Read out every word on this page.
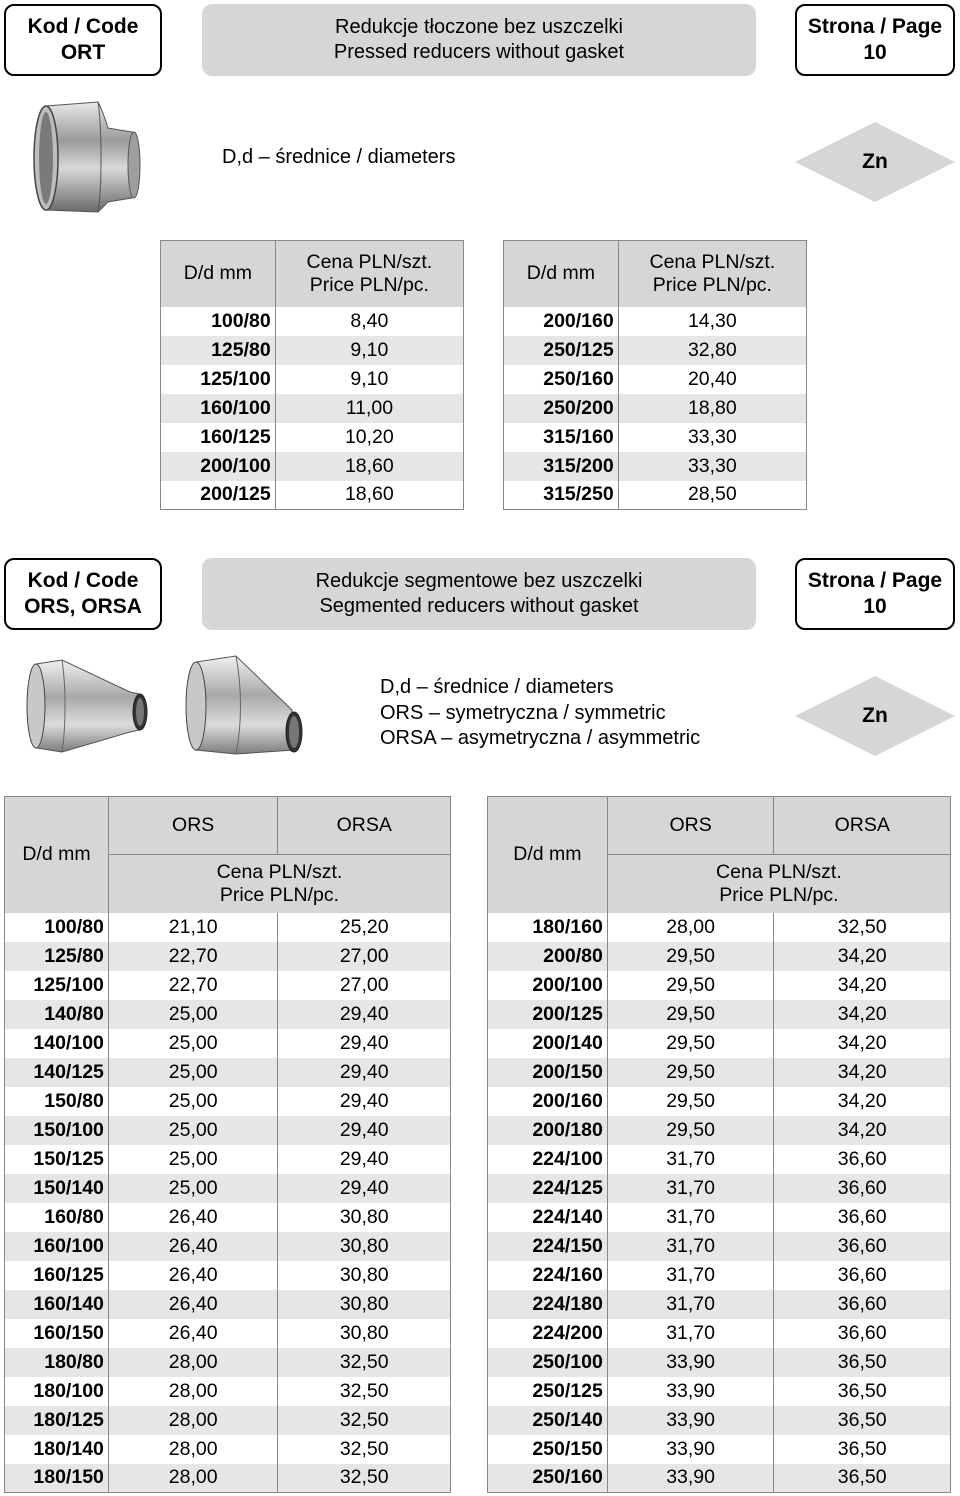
Kod / Code
ORT
Redukcje tłoczone bez uszczelki
Pressed reducers without gasket
Strona / Page
10
D,d – średnice / diameters	Zn
D/d mm	Cena PLN/szt.
	Price PLN/pc.
100/80	8,40
125/80	9,10
125/100	9,10
160/100	11,00
160/125	10,20
200/100	18,60
200/125	18,60
D/d mm	Cena PLN/szt.
	Price PLN/pc.
200/160	14,30
250/125	32,80
250/160	20,40
250/200	18,80
315/160	33,30
315/200	33,30
315/250	28,50
Kod / Code
ORS, ORSA
Redukcje segmentowe bez uszczelki
Segmented reducers without gasket
Strona / Page
10
D,d – średnice / diameters
ORS – symetryczna / symmetric
ORSA – asymetryczna / asymmetric
Zn
D/d mm	ORS	ORSA
	Cena PLN/szt.	
	Price PLN/pc.	
100/80	21,10	25,20
125/80	22,70	27,00
125/100	22,70	27,00
140/80	25,00	29,40
140/100	25,00	29,40
140/125	25,00	29,40
150/80	25,00	29,40
150/100	25,00	29,40
150/125	25,00	29,40
150/140	25,00	29,40
160/80	26,40	30,80
160/100	26,40	30,80
160/125	26,40	30,80
160/140	26,40	30,80
160/150	26,40	30,80
180/80	28,00	32,50
180/100	28,00	32,50
180/125	28,00	32,50
180/140	28,00	32,50
180/150	28,00	32,50
D/d mm	ORS	ORSA
	Cena PLN/szt.	
	Price PLN/pc.	
180/160	28,00	32,50
200/80	29,50	34,20
200/100	29,50	34,20
200/125	29,50	34,20
200/140	29,50	34,20
200/150	29,50	34,20
200/160	29,50	34,20
200/180	29,50	34,20
224/100	31,70	36,60
224/125	31,70	36,60
224/140	31,70	36,60
224/150	31,70	36,60
224/160	31,70	36,60
224/180	31,70	36,60
224/200	31,70	36,60
250/100	33,90	36,50
250/125	33,90	36,50
250/140	33,90	36,50
250/150	33,90	36,50
250/160	33,90	36,50
